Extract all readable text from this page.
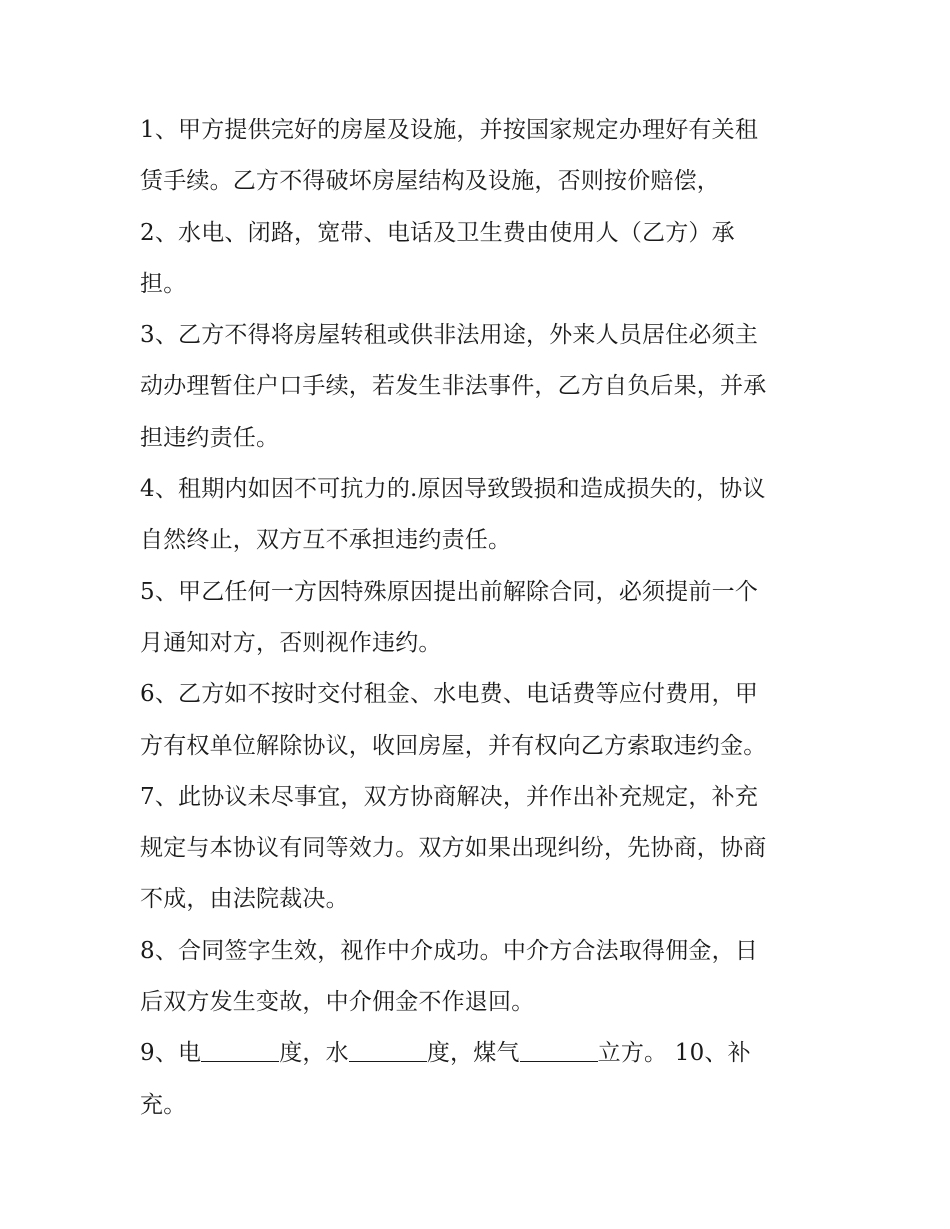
1、甲方提供完好的房屋及设施，并按国家规定办理好有关租
赁手续。乙方不得破坏房屋结构及设施，否则按价赔偿，
2、水电、闭路，宽带、电话及卫生费由使用人（乙方）承
担。
3、乙方不得将房屋转租或供非法用途，外来人员居住必须主
动办理暂住户口手续，若发生非法事件，乙方自负后果，并承
担违约责任。
4、租期内如因不可抗力的.原因导致毁损和造成损失的，协议
自然终止，双方互不承担违约责任。
5、甲乙任何一方因特殊原因提出前解除合同，必须提前一个
月通知对方，否则视作违约。
6、乙方如不按时交付租金、水电费、电话费等应付费用，甲
方有权单位解除协议，收回房屋，并有权向乙方索取违约金。
7、此协议未尽事宜，双方协商解决，并作出补充规定，补充
规定与本协议有同等效力。双方如果出现纠纷，先协商，协商
不成，由法院裁决。
8、合同签字生效，视作中介成功。中介方合法取得佣金，日
后双方发生变故，中介佣金不作退回。
9、电	度，水	度，煤气	立方。 10、补
充。
